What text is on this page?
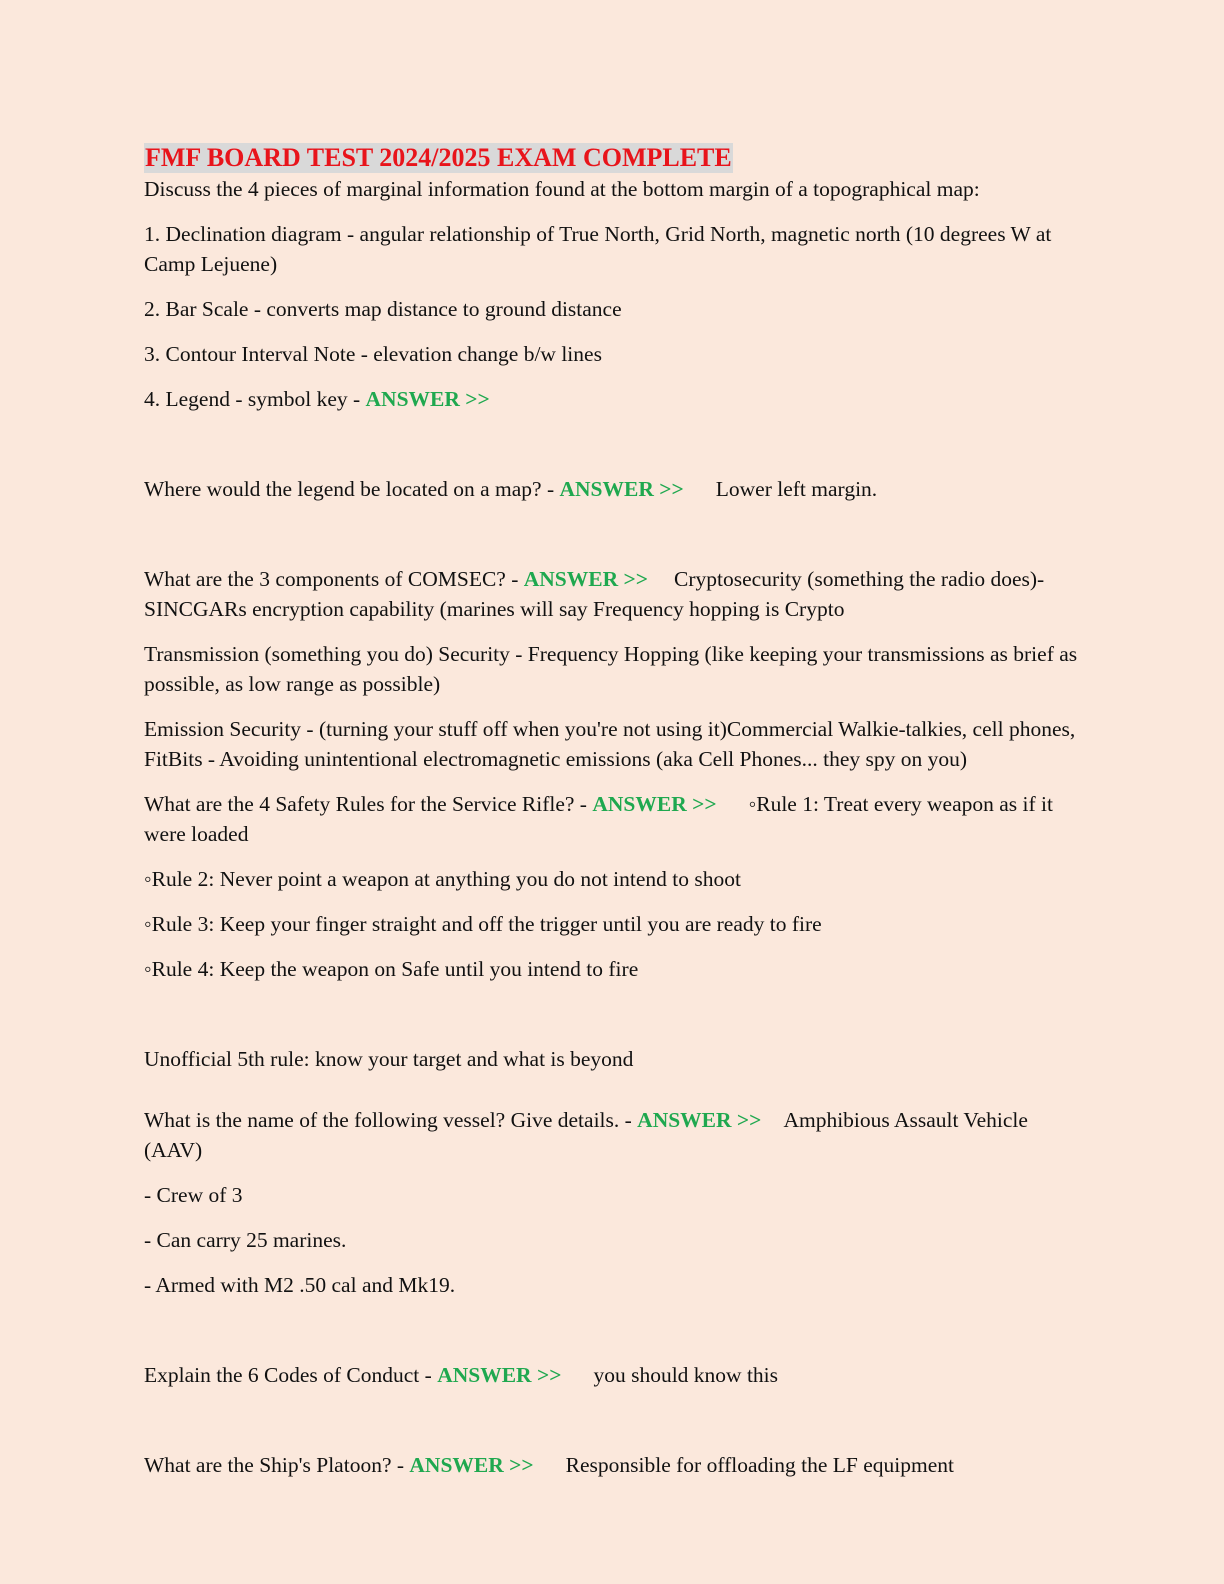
FMF BOARD TEST 2024/2025 EXAM COMPLETE

Discuss the 4 pieces of marginal information found at the bottom margin of a topographical map:

1. Declination diagram - angular relationship of True North, Grid North, magnetic north (10 degrees W at Camp Lejuene)

2. Bar Scale - converts map distance to ground distance

3. Contour Interval Note - elevation change b/w lines

4. Legend - symbol key - ANSWER >>

Where would the legend be located on a map? - ANSWER >> Lower left margin.

What are the 3 components of COMSEC? - ANSWER >> Cryptosecurity (something the radio does)- SINCGARs encryption capability (marines will say Frequency hopping is Crypto

Transmission (something you do) Security - Frequency Hopping (like keeping your transmissions as brief as possible, as low range as possible)

Emission Security - (turning your stuff off when you're not using it)Commercial Walkie-talkies, cell phones, FitBits - Avoiding unintentional electromagnetic emissions (aka Cell Phones... they spy on you)

What are the 4 Safety Rules for the Service Rifle? - ANSWER >> ◦Rule 1: Treat every weapon as if it were loaded

◦Rule 2: Never point a weapon at anything you do not intend to shoot

◦Rule 3: Keep your finger straight and off the trigger until you are ready to fire

◦Rule 4: Keep the weapon on Safe until you intend to fire

Unofficial 5th rule: know your target and what is beyond

What is the name of the following vessel? Give details. - ANSWER >> Amphibious Assault Vehicle (AAV)

- Crew of 3

- Can carry 25 marines.

- Armed with M2 .50 cal and Mk19.

Explain the 6 Codes of Conduct - ANSWER >> you should know this

What are the Ship's Platoon? - ANSWER >> Responsible for offloading the LF equipment
